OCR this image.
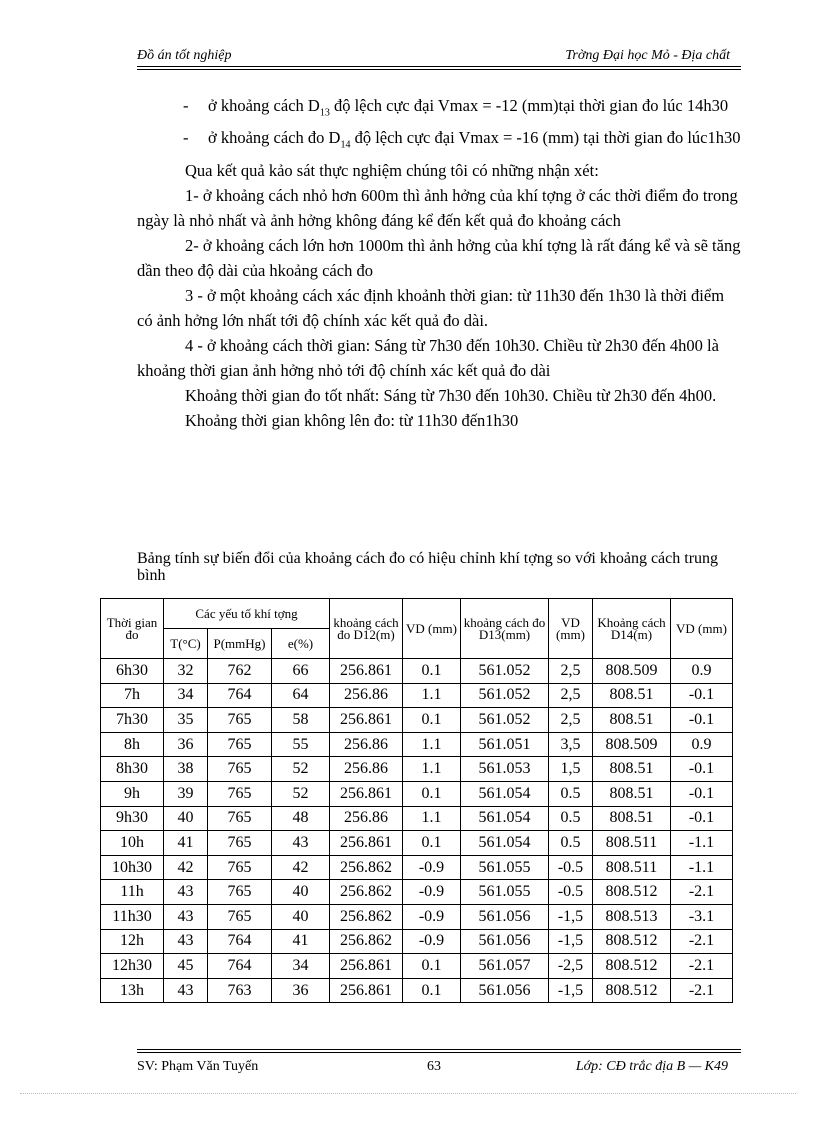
Đồ án tốt nghiệp	Trờng Đại học Mỏ - Địa chất
- ở khoảng cách $D_{13}$ độ lệch cực đại Vmax = -12 (mm)tại thời gian đo lúc 14h30
- ở khoảng cách đo $D_{14}$ độ lệch cực đại Vmax = -16 (mm) tại thời gian đo lúc1h30

Qua kết quả kảo sát thực nghiệm chúng tôi có những nhận xét:

1- ở khoảng cách nhỏ hơn 600m thì ảnh hởng của khí tợng ở các thời điểm đo trong ngày là nhỏ nhất và ảnh hởng không đáng kể đến kết quả đo khoảng cách

2- ở khoảng cách lớn hơn 1000m thì ảnh hởng của khí tợng là rất đáng kể và sẽ tăng dần theo độ dài của hkoảng cách đo

3 - ở một khoảng cách xác định khoảnh thời gian: từ 11h30 đến 1h30 là thời điểm có ảnh hởng lớn nhất tới độ chính xác kết quả đo dài.

4 - ở khoảng cách thời gian: Sáng từ 7h30 đến 10h30. Chiều từ 2h30 đến 4h00 là khoảng thời gian ảnh hởng nhỏ tới độ chính xác kết quả đo dài

Khoảng thời gian đo tốt nhất: Sáng từ 7h30 đến 10h30. Chiều từ 2h30 đến 4h00.

Khoảng thời gian không lên đo: từ 11h30 đến1h30

Bảng tính sự biến đổi của khoảng cách đo có hiệu chỉnh khí tợng so với khoảng cách trung bình
Thời gian đo	Các yếu tố khí tợng			khoảng cách đo D12(m)	VD (mm)	khoảng cách đo D13(mm)	VD (mm)	Khoảng cách D14(m)	VD (mm)
	T(°C)	P(mmHg)	e(%)						
6h30	32	762	66	256.861	0.1	561.052	2,5	808.509	0.9
7h	34	764	64	256.86	1.1	561.052	2,5	808.51	-0.1
7h30	35	765	58	256.861	0.1	561.052	2,5	808.51	-0.1
8h	36	765	55	256.86	1.1	561.051	3,5	808.509	0.9
8h30	38	765	52	256.86	1.1	561.053	1,5	808.51	-0.1
9h	39	765	52	256.861	0.1	561.054	0.5	808.51	-0.1
9h30	40	765	48	256.86	1.1	561.054	0.5	808.51	-0.1
10h	41	765	43	256.861	0.1	561.054	0.5	808.511	-1.1
10h30	42	765	42	256.862	-0.9	561.055	-0.5	808.511	-1.1
11h	43	765	40	256.862	-0.9	561.055	-0.5	808.512	-2.1
11h30	43	765	40	256.862	-0.9	561.056	-1,5	808.513	-3.1
12h	43	764	41	256.862	-0.9	561.056	-1,5	808.512	-2.1
12h30	45	764	34	256.861	0.1	561.057	-2,5	808.512	-2.1
13h	43	763	36	256.861	0.1	561.056	-1,5	808.512	-2.1
SV: Phạm Văn Tuyến	63	Lớp: CĐ trắc địa B — K49
